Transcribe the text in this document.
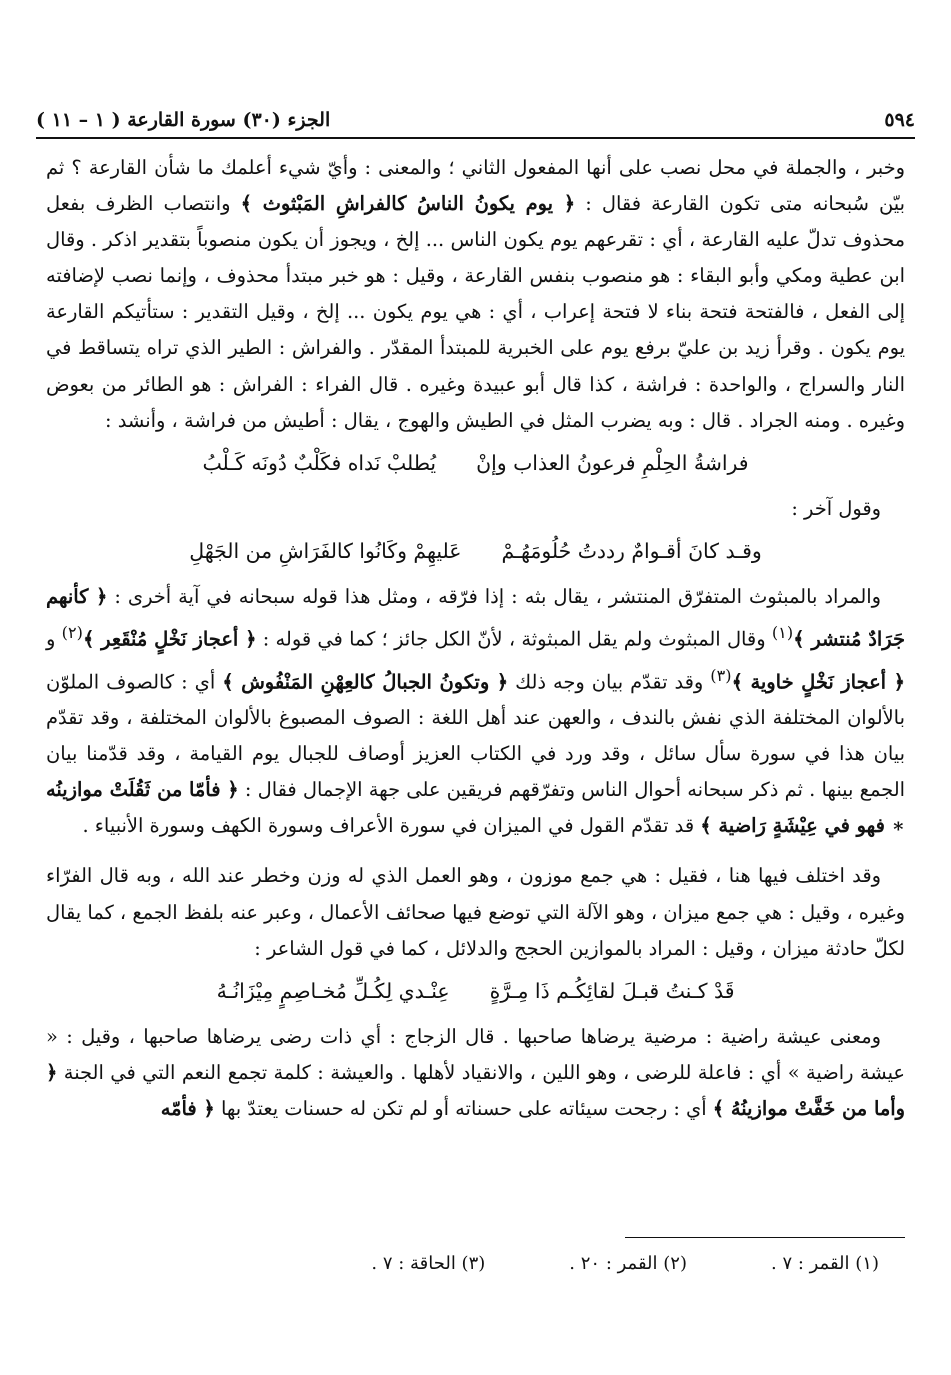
٥٩٤
الجزء (٣٠) سورة القارعة ( ١ – ١١ )

وخبر ، والجملة في محل نصب على أنها المفعول الثاني ؛ والمعنى : وأيّ شيء أعلمك ما شأن القارعة ؟ ثم بيّن سُبحانه متى تكون القارعة فقال : ﴿ يوم يكونُ الناسُ كالفراشِ المَبْثوث ﴾ وانتصاب الظرف بفعل محذوف تدلّ عليه القارعة ، أي : تقرعهم يوم يكون الناس ... إلخ ، ويجوز أن يكون منصوباً بتقدير اذكر . وقال ابن عطية ومكي وأبو البقاء : هو منصوب بنفس القارعة ، وقيل : هو خبر مبتدأ محذوف ، وإنما نصب لإضافته إلى الفعل ، فالفتحة فتحة بناء لا فتحة إعراب ، أي : هي يوم يكون ... إلخ ، وقيل التقدير : ستأتيكم القارعة يوم يكون . وقرأ زيد بن عليّ برفع يوم على الخبرية للمبتدأ المقدّر . والفراش : الطير الذي تراه يتساقط في النار والسراج ، والواحدة : فراشة ، كذا قال أبو عبيدة وغيره . قال الفراء : الفراش : هو الطائر من بعوض وغيره . ومنه الجراد . قال : وبه يضرب المثل في الطيش والهوج ، يقال : أطيش من فراشة ، وأنشد :

فراشةُ الحِلْمِ فرعونُ العذاب وإنْ
يُطلبْ نَداه فكَلْبٌ دُونَه كَـلْبُ

وقول آخر :

وقـد كانَ أقـوامٌ رددتُ حُلُومَهُـمْ
عَليهِمْ وكَانُوا كالفَرَاشِ من الجَهْلِ

والمراد بالمبثوث المتفرّق المنتشر ، يقال بثه : إذا فرّقه ، ومثل هذا قوله سبحانه في آية أخرى : ﴿ كأنهم جَرَادٌ مُنتشر ﴾$^{(١)}$ وقال المبثوث ولم يقل المبثوثة ، لأنّ الكل جائز ؛ كما في قوله : ﴿ أعجاز نَخْلٍ مُنْقَعِر ﴾$^{(٢)}$ و ﴿ أعجاز نَخْلٍ خاوية ﴾$^{(٣)}$ وقد تقدّم بيان وجه ذلك ﴿ وتكونُ الجبالُ كالعِهْنِ المَنْفُوش ﴾ أي : كالصوف الملوّن بالألوان المختلفة الذي نفش بالندف ، والعهن عند أهل اللغة : الصوف المصبوغ بالألوان المختلفة ، وقد تقدّم بيان هذا في سورة سأل سائل ، وقد ورد في الكتاب العزيز أوصاف للجبال يوم القيامة ، وقد قدّمنا بيان الجمع بينها . ثم ذكر سبحانه أحوال الناس وتفرّقهم فريقين على جهة الإجمال فقال : ﴿ فأمّا من ثَقُلَتْ موازينُه ∗ فهو في عِيْشَةٍ رَاضية ﴾ قد تقدّم القول في الميزان في سورة الأعراف وسورة الكهف وسورة الأنبياء .

وقد اختلف فيها هنا ، فقيل : هي جمع موزون ، وهو العمل الذي له وزن وخطر عند الله ، وبه قال الفرّاء وغيره ، وقيل : هي جمع ميزان ، وهو الآلة التي توضع فيها صحائف الأعمال ، وعبر عنه بلفظ الجمع ، كما يقال لكلّ حادثة ميزان ، وقيل : المراد بالموازين الحجج والدلائل ، كما في قول الشاعر :

قَدْ كـنتُ قبـلَ لقائِكُـم ذَا مِـرَّةٍ
عِنْـدي لِكُـلِّ مُخـاصِمٍ مِيْزَانُـهُ

ومعنى عيشة راضية : مرضية يرضاها صاحبها . قال الزجاج : أي ذات رضى يرضاها صاحبها ، وقيل : « عيشة راضية » أي : فاعلة للرضى ، وهو اللين ، والانقياد لأهلها . والعيشة : كلمة تجمع النعم التي في الجنة ﴿ وأما من خَفَّتْ موازينُهُ ﴾ أي : رجحت سيئاته على حسناته أو لم تكن له حسنات يعتدّ بها ﴿ فأمّه

(١) القمر : ٧ .
(٢) القمر : ٢٠ .
(٣) الحاقة : ٧ .
